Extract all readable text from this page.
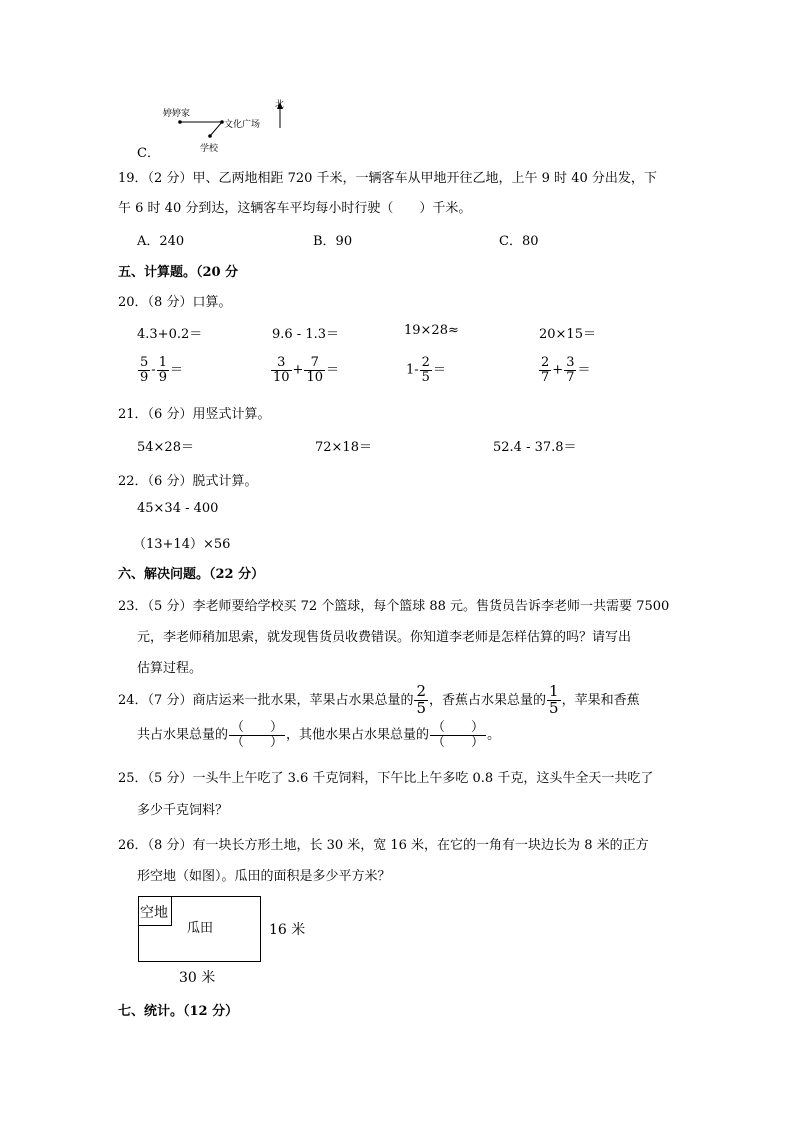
婷婷家
文化广场
学校
北
C．
19．（2 分）甲、乙两地相距 720 千米，一辆客车从甲地开往乙地，上午 9 时 40 分出发，下
午 6 时 40 分到达，这辆客车平均每小时行驶（　　）千米。
A．240	B．90	C．80
五、计算题。（20 分
20．（8 分）口算。
4.3+0.2＝	9.6 - 1.3＝	19×28≈	20×15＝
$\frac{5}{9} - \frac{1}{9}$ ＝	$\frac{3}{10} + \frac{7}{10}$ ＝	$1- \frac{2}{5}$ ＝	$\frac{2}{7} + \frac{3}{7}$ ＝
21．（6 分）用竖式计算。
54×28＝	72×18＝	52.4 - 37.8＝
22．（6 分）脱式计算。
45×34 - 400
（13+14）×56
六、解决问题。（22 分）
23．（5 分）李老师要给学校买 72 个篮球，每个篮球 88 元。售货员告诉李老师一共需要 7500
元，李老师稍加思索，就发现售货员收费错误。你知道李老师是怎样估算的吗？请写出
估算过程。
24．（7 分）商店运来一批水果，苹果占水果总量的 $\frac{2}{5}$ ，香蕉占水果总量的 $\frac{1}{5}$ ，苹果和香蕉
共占水果总量的 $\frac{( )}{( )}$ ，其他水果占水果总量的 $\frac{( )}{( )}$ 。
25．（5 分）一头牛上午吃了 3.6 千克饲料，下午比上午多吃 0.8 千克，这头牛全天一共吃了
多少千克饲料？
26．（8 分）有一块长方形土地，长 30 米，宽 16 米，在它的一角有一块边长为 8 米的正方
形空地（如图）。瓜田的面积是多少平方米？
空地
瓜田	16 米
30 米
七、统计。（12 分）
